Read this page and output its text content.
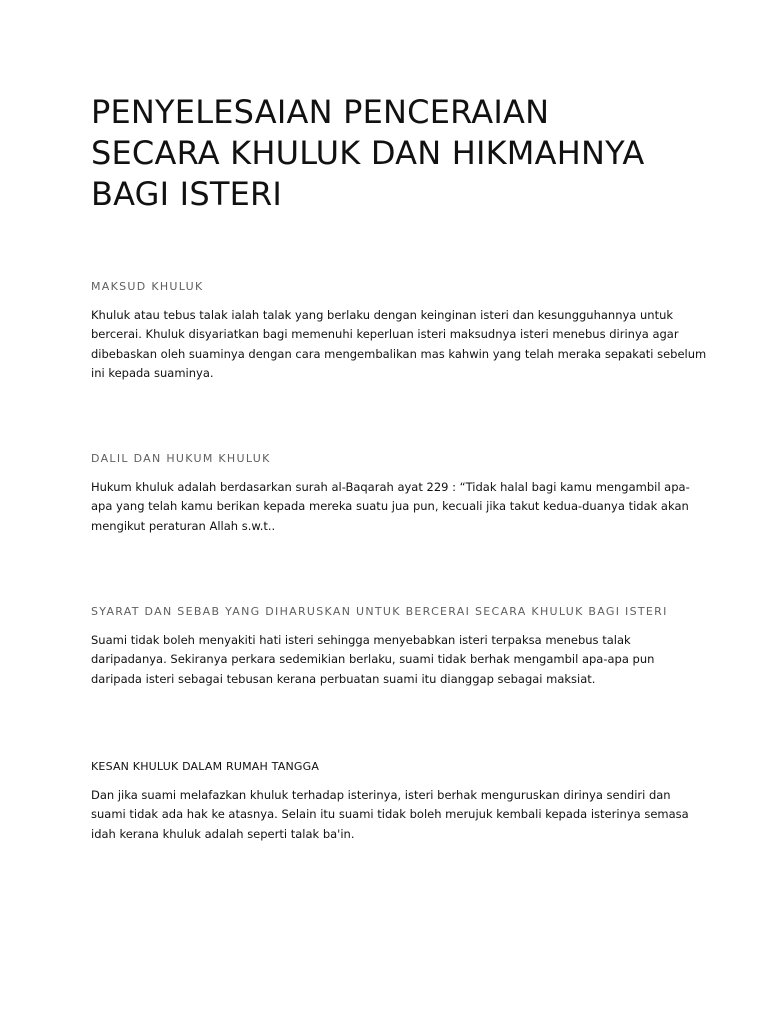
PENYELESAIAN PENCERAIAN
SECARA KHULUK DAN HIKMAHNYA
BAGI ISTERI
MAKSUD KHULUK

Khuluk atau tebus talak ialah talak yang berlaku dengan keinginan isteri dan kesungguhannya untuk
bercerai. Khuluk disyariatkan bagi memenuhi keperluan isteri maksudnya isteri menebus dirinya agar
dibebaskan oleh suaminya dengan cara mengembalikan mas kahwin yang telah meraka sepakati sebelum
ini kepada suaminya.

DALIL DAN HUKUM KHULUK

Hukum khuluk adalah berdasarkan surah al-Baqarah ayat 229 : “Tidak halal bagi kamu mengambil apa-
apa yang telah kamu berikan kepada mereka suatu jua pun, kecuali jika takut kedua-duanya tidak akan
mengikut peraturan Allah s.w.t..

SYARAT DAN SEBAB YANG DIHARUSKAN UNTUK BERCERAI SECARA KHULUK BAGI ISTERI

Suami tidak boleh menyakiti hati isteri sehingga menyebabkan isteri terpaksa menebus talak
daripadanya. Sekiranya perkara sedemikian berlaku, suami tidak berhak mengambil apa-apa pun
daripada isteri sebagai tebusan kerana perbuatan suami itu dianggap sebagai maksiat.

KESAN KHULUK DALAM RUMAH TANGGA

Dan jika suami melafazkan khuluk terhadap isterinya, isteri berhak menguruskan dirinya sendiri dan
suami tidak ada hak ke atasnya. Selain itu suami tidak boleh merujuk kembali kepada isterinya semasa
idah kerana khuluk adalah seperti talak ba'in.
